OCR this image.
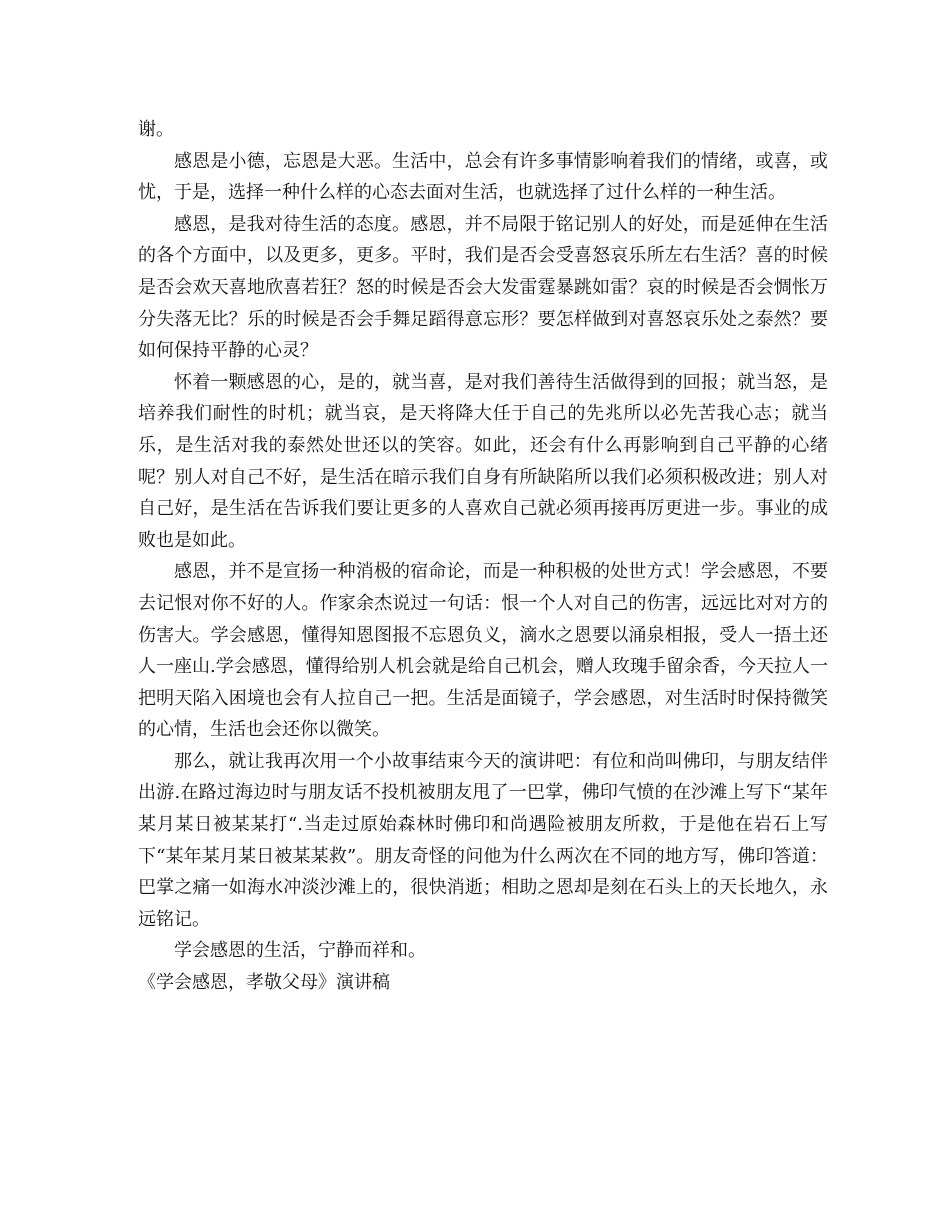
谢。

感恩是小德，忘恩是大恶。生活中，总会有许多事情影响着我们的情绪，或喜，或忧，于是，选择一种什么样的心态去面对生活，也就选择了过什么样的一种生活。

感恩，是我对待生活的态度。感恩，并不局限于铭记别人的好处，而是延伸在生活的各个方面中，以及更多，更多。平时，我们是否会受喜怒哀乐所左右生活？喜的时候是否会欢天喜地欣喜若狂？怒的时候是否会大发雷霆暴跳如雷？哀的时候是否会惆怅万分失落无比？乐的时候是否会手舞足蹈得意忘形？要怎样做到对喜怒哀乐处之泰然？要如何保持平静的心灵？

怀着一颗感恩的心，是的，就当喜，是对我们善待生活做得到的回报；就当怒，是培养我们耐性的时机；就当哀，是天将降大任于自己的先兆所以必先苦我心志；就当乐，是生活对我的泰然处世还以的笑容。如此，还会有什么再影响到自己平静的心绪呢？别人对自己不好，是生活在暗示我们自身有所缺陷所以我们必须积极改进；别人对自己好，是生活在告诉我们要让更多的人喜欢自己就必须再接再厉更进一步。事业的成败也是如此。

感恩，并不是宣扬一种消极的宿命论，而是一种积极的处世方式！学会感恩，不要去记恨对你不好的人。作家余杰说过一句话：恨一个人对自己的伤害，远远比对对方的伤害大。学会感恩，懂得知恩图报不忘恩负义，滴水之恩要以涌泉相报，受人一捂土还人一座山.学会感恩，懂得给别人机会就是给自己机会，赠人玫瑰手留余香，今天拉人一把明天陷入困境也会有人拉自己一把。生活是面镜子，学会感恩，对生活时时保持微笑的心情，生活也会还你以微笑。

那么，就让我再次用一个小故事结束今天的演讲吧：有位和尚叫佛印，与朋友结伴出游.在路过海边时与朋友话不投机被朋友甩了一巴掌，佛印气愤的在沙滩上写下“某年某月某日被某某打“.当走过原始森林时佛印和尚遇险被朋友所救，于是他在岩石上写下“某年某月某日被某某救”。朋友奇怪的问他为什么两次在不同的地方写，佛印答道：巴掌之痛一如海水冲淡沙滩上的，很快消逝；相助之恩却是刻在石头上的天长地久，永远铭记。

学会感恩的生活，宁静而祥和。

《学会感恩，孝敬父母》演讲稿
